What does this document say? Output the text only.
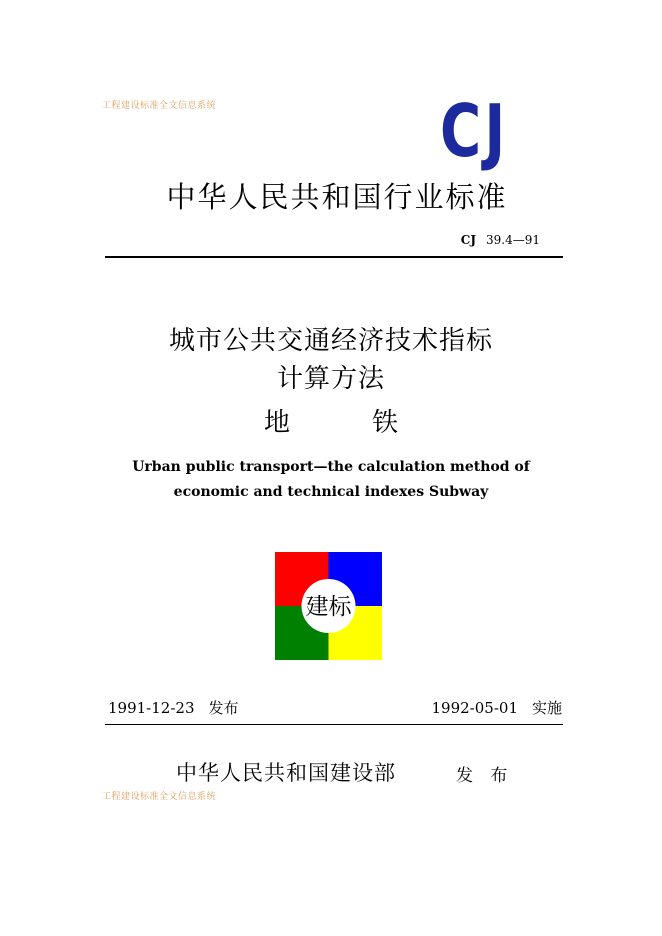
工程建设标准全文信息系统	CJ
中华人民共和国行业标准
CJ 39.4—91
城市公共交通经济技术指标
计算方法
地	铁
Urban public transport—the calculation method of
economic and technical indexes Subway
建标
1991-12-23 发布	1992-05-01 实施
中华人民共和国建设部	发 布
工程建设标准全文信息系统
